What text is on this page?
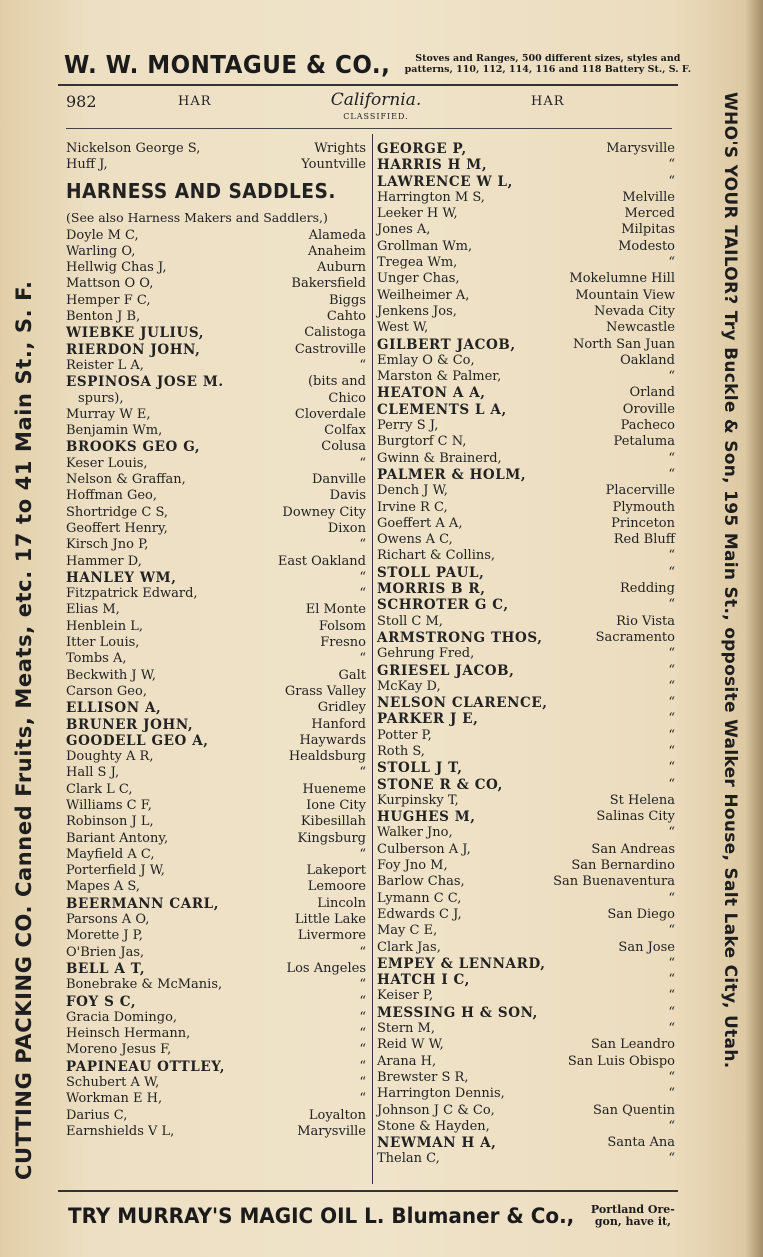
W. W. MONTAGUE & CO.,	Stoves and Ranges, 500 different sizes, styles and
patterns, 110, 112, 114, 116 and 118 Battery St., S. F.
982	HAR	California.
CLASSIFIED.
HAR
Nickelson George S,	Wrights
Huff J,	Yountville
HARNESS AND SADDLES.
(See also Harness Makers and Saddlers,)
Doyle M C,	Alameda
Warling O,	Anaheim
Hellwig Chas J,	Auburn
Mattson O O,	Bakersfield
Hemper F C,	Biggs
Benton J B,	Cahto
WIEBKE JULIUS,	Calistoga
RIERDON JOHN,	Castroville
Reister L A,	“
ESPINOSA JOSE M.	(bits and
spurs),	Chico
Murray W E,	Cloverdale
Benjamin Wm,	Colfax
BROOKS GEO G,	Colusa
Keser Louis,	“
Nelson & Graffan,	Danville
Hoffman Geo,	Davis
Shortridge C S,	Downey City
Geoffert Henry,	Dixon
Kirsch Jno P,	“
Hammer D,	East Oakland
HANLEY WM,	“
Fitzpatrick Edward,	“
Elias M,	El Monte
Henblein L,	Folsom
Itter Louis,	Fresno
Tombs A,	“
Beckwith J W,	Galt
Carson Geo,	Grass Valley
ELLISON A,	Gridley
BRUNER JOHN,	Hanford
GOODELL GEO A,	Haywards
Doughty A R,	Healdsburg
Hall S J,	“
Clark L C,	Hueneme
Williams C F,	Ione City
Robinson J L,	Kibesillah
Bariant Antony,	Kingsburg
Mayfield A C,	“
Porterfield J W,	Lakeport
Mapes A S,	Lemoore
BEERMANN CARL,	Lincoln
Parsons A O,	Little Lake
Morette J P,	Livermore
O'Brien Jas,	“
BELL A T,	Los Angeles
Bonebrake & McManis,	“
FOY S C,	“
Gracia Domingo,	“
Heinsch Hermann,	“
Moreno Jesus F,	“
PAPINEAU OTTLEY,	“
Schubert A W,	“
Workman E H,	“
Darius C,	Loyalton
Earnshields V L,	Marysville
GEORGE P,	Marysville
HARRIS H M,	“
LAWRENCE W L,	“
Harrington M S,	Melville
Leeker H W,	Merced
Jones A,	Milpitas
Grollman Wm,	Modesto
Tregea Wm,	“
Unger Chas,	Mokelumne Hill
Weilheimer A,	Mountain View
Jenkens Jos,	Nevada City
West W,	Newcastle
GILBERT JACOB,	North San Juan
Emlay O & Co,	Oakland
Marston & Palmer,	“
HEATON A A,	Orland
CLEMENTS L A,	Oroville
Perry S J,	Pacheco
Burgtorf C N,	Petaluma
Gwinn & Brainerd,	“
PALMER & HOLM,	“
Dench J W,	Placerville
Irvine R C,	Plymouth
Goeffert A A,	Princeton
Owens A C,	Red Bluff
Richart & Collins,	“
STOLL PAUL,	“
MORRIS B R,	Redding
SCHROTER G C,	“
Stoll C M,	Rio Vista
ARMSTRONG THOS,	Sacramento
Gehrung Fred,	“
GRIESEL JACOB,	“
McKay D,	“
NELSON CLARENCE,	“
PARKER J E,	“
Potter P,	“
Roth S,	“
STOLL J T,	“
STONE R & CO,	“
Kurpinsky T,	St Helena
HUGHES M,	Salinas City
Walker Jno,	“
Culberson A J,	San Andreas
Foy Jno M,	San Bernardino
Barlow Chas,	San Buenaventura
Lymann C C,	“
Edwards C J,	San Diego
May C E,	“
Clark Jas,	San Jose
EMPEY & LENNARD,	“
HATCH I C,	“
Keiser P,	“
MESSING H & SON,	“
Stern M,	“
Reid W W,	San Leandro
Arana H,	San Luis Obispo
Brewster S R,	“
Harrington Dennis,	“
Johnson J C & Co,	San Quentin
Stone & Hayden,	“
NEWMAN H A,	Santa Ana
Thelan C,	“
CUTTING PACKING CO. Canned Fruits, Meats, etc. 17 to 41 Main St., S. F.	WHO'S YOUR TAILOR? Try Buckle & Son, 195 Main St., opposite Walker House, Salt Lake City, Utah.
TRY MURRAY'S MAGIC OIL L. Blumaner & Co., Portland Ore-
gon, have it,
